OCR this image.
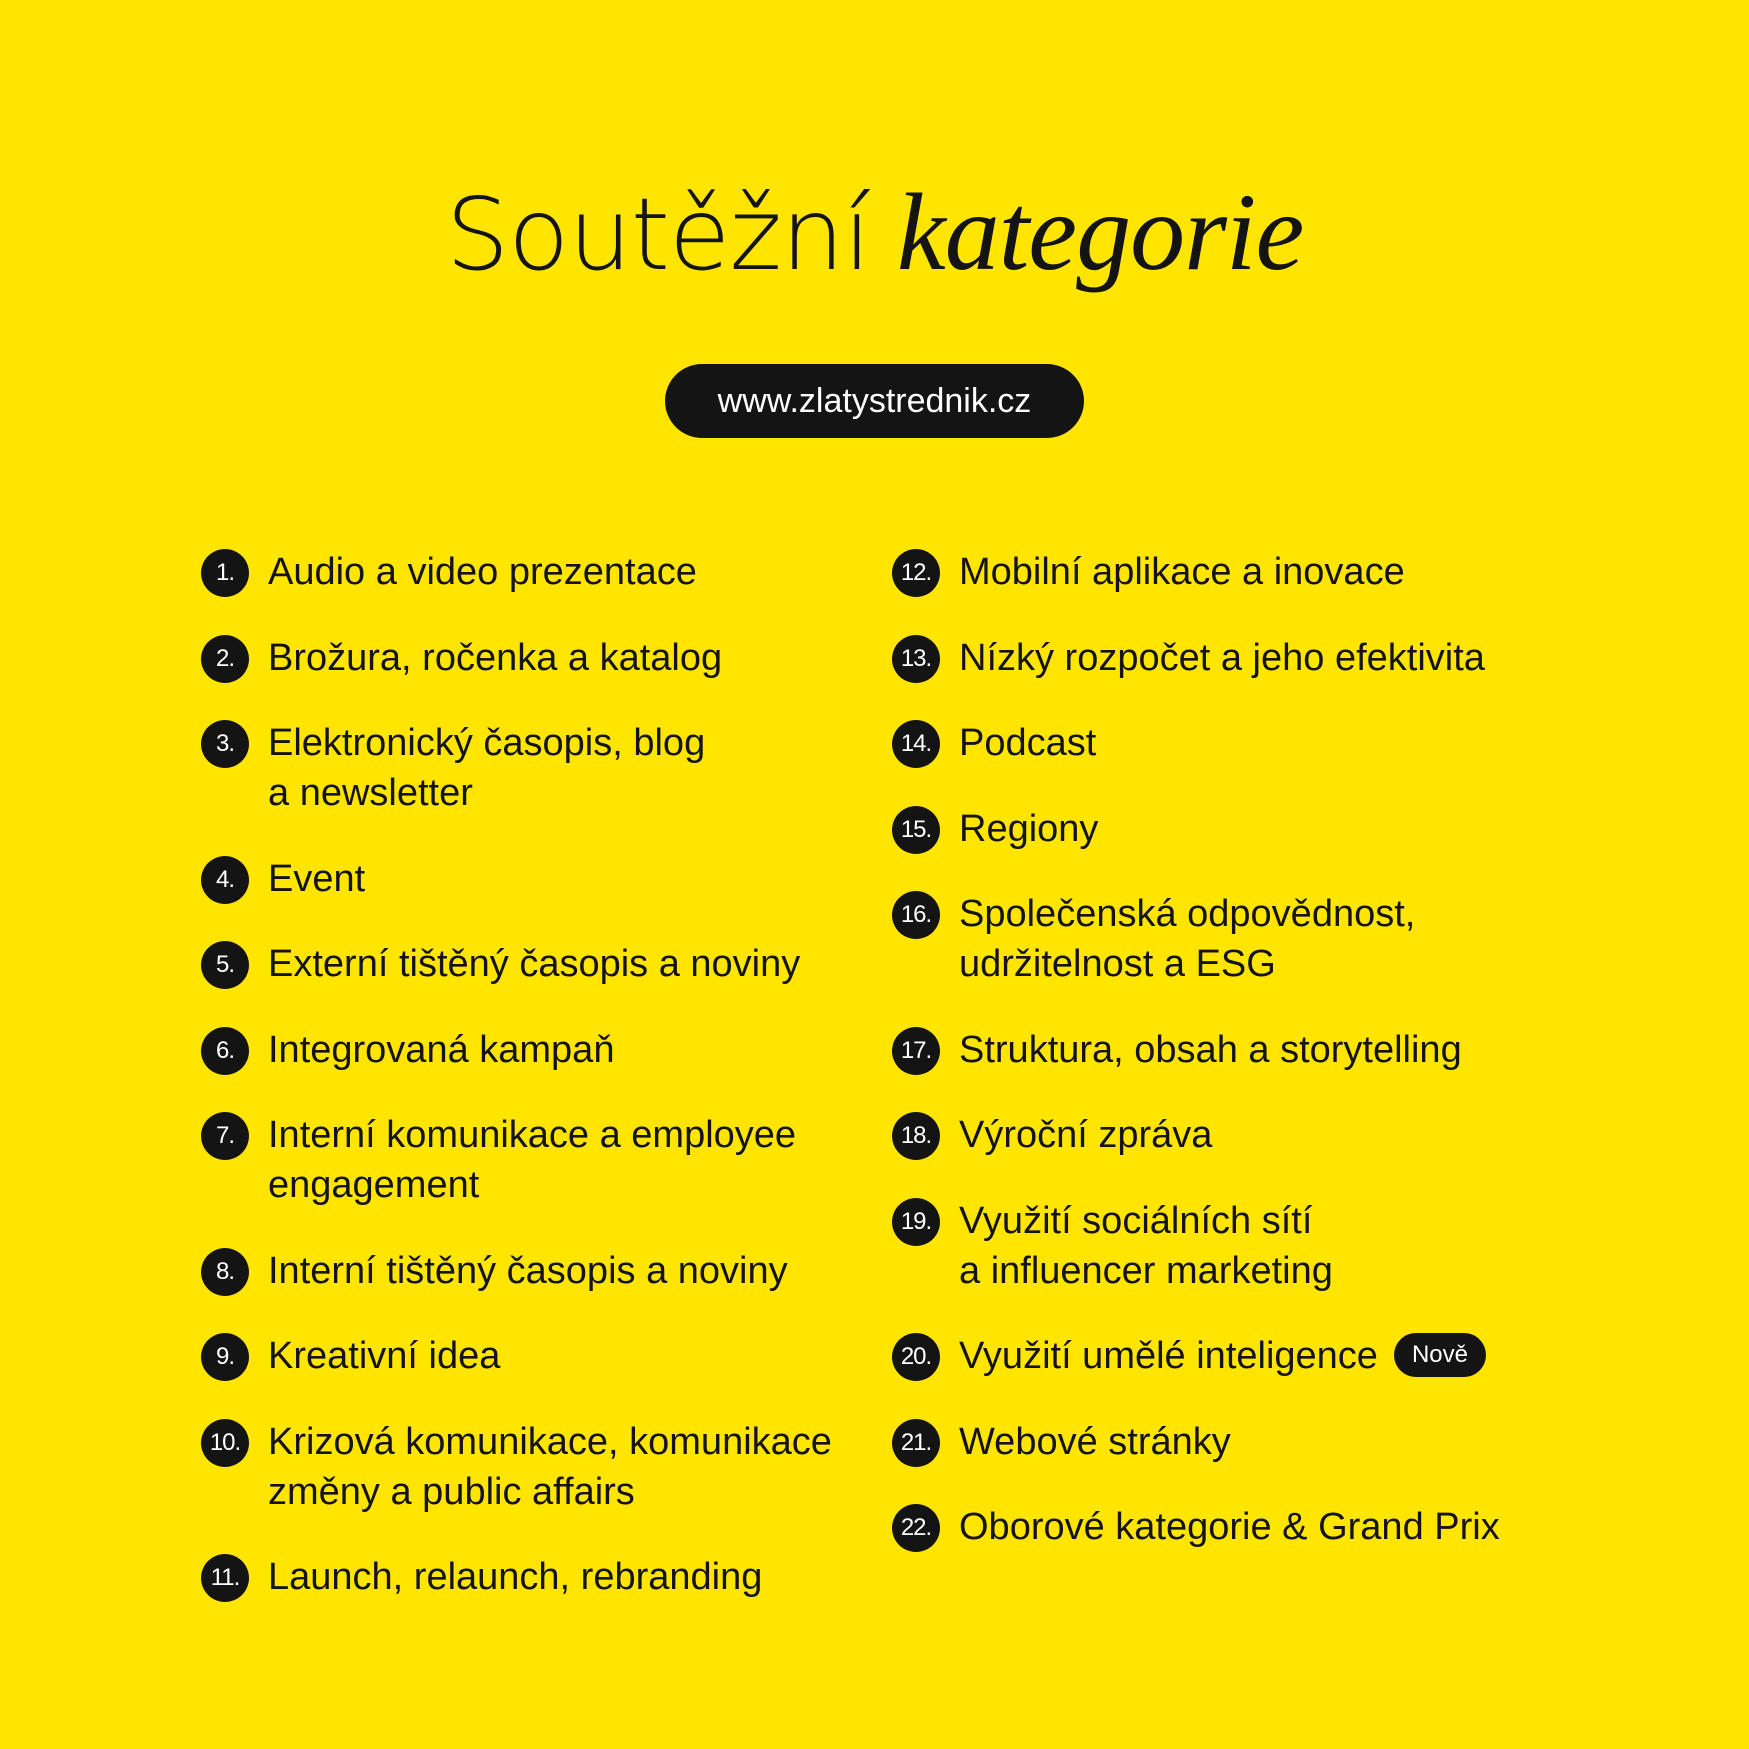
Soutěžní kategorie
www.zlatystrednik.cz
1. Audio a video prezentace
2. Brožura, ročenka a katalog
3. Elektronický časopis, blog
a newsletter
4. Event
5. Externí tištěný časopis a noviny
6. Integrovaná kampaň
7. Interní komunikace a employee
engagement
8. Interní tištěný časopis a noviny
9. Kreativní idea
10. Krizová komunikace, komunikace
změny a public affairs
11. Launch, relaunch, rebranding
12. Mobilní aplikace a inovace
13. Nízký rozpočet a jeho efektivita
14. Podcast
15. Regiony
16. Společenská odpovědnost,
udržitelnost a ESG
17. Struktura, obsah a storytelling
18. Výroční zpráva
19. Využití sociálních sítí
a influencer marketing
20. Využití umělé inteligence Nově
21. Webové stránky
22. Oborové kategorie & Grand Prix
